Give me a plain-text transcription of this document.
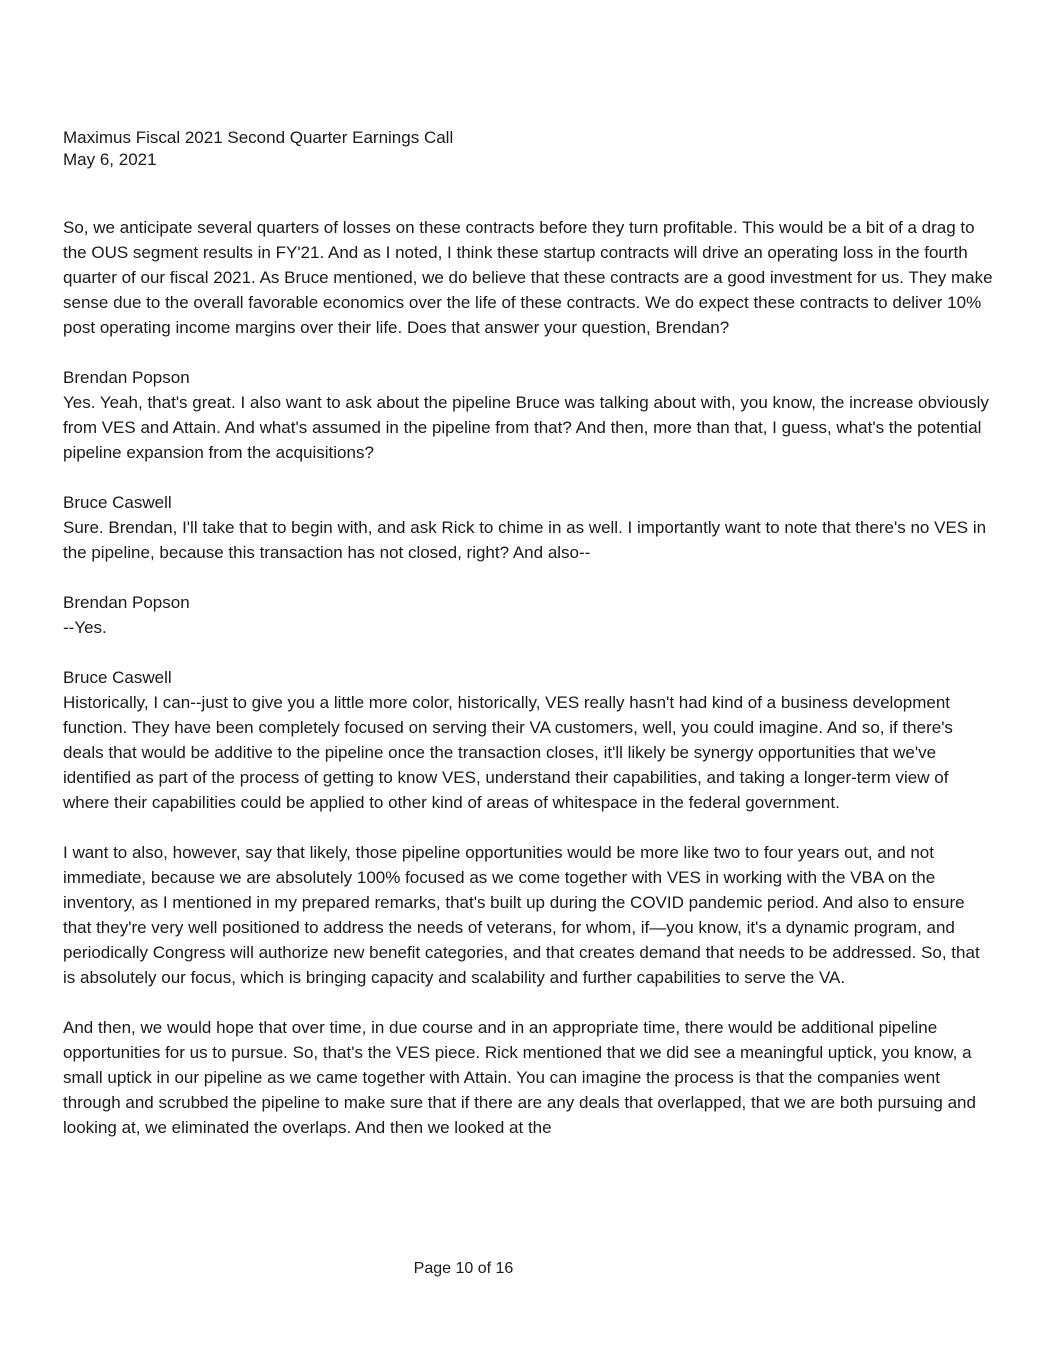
Maximus Fiscal 2021 Second Quarter Earnings Call
May 6, 2021
So, we anticipate several quarters of losses on these contracts before they turn profitable. This would be a bit of a drag to the OUS segment results in FY'21. And as I noted, I think these startup contracts will drive an operating loss in the fourth quarter of our fiscal 2021. As Bruce mentioned, we do believe that these contracts are a good investment for us. They make sense due to the overall favorable economics over the life of these contracts. We do expect these contracts to deliver 10% post operating income margins over their life. Does that answer your question, Brendan?
Brendan Popson
Yes. Yeah, that's great. I also want to ask about the pipeline Bruce was talking about with, you know, the increase obviously from VES and Attain. And what's assumed in the pipeline from that? And then, more than that, I guess, what's the potential pipeline expansion from the acquisitions?
Bruce Caswell
Sure. Brendan, I'll take that to begin with, and ask Rick to chime in as well. I importantly want to note that there's no VES in the pipeline, because this transaction has not closed, right? And also--
Brendan Popson
--Yes.
Bruce Caswell
Historically, I can--just to give you a little more color, historically, VES really hasn't had kind of a business development function. They have been completely focused on serving their VA customers, well, you could imagine. And so, if there's deals that would be additive to the pipeline once the transaction closes, it'll likely be synergy opportunities that we've identified as part of the process of getting to know VES, understand their capabilities, and taking a longer-term view of where their capabilities could be applied to other kind of areas of whitespace in the federal government.
I want to also, however, say that likely, those pipeline opportunities would be more like two to four years out, and not immediate, because we are absolutely 100% focused as we come together with VES in working with the VBA on the inventory, as I mentioned in my prepared remarks, that's built up during the COVID pandemic period. And also to ensure that they're very well positioned to address the needs of veterans, for whom, if—you know, it's a dynamic program, and periodically Congress will authorize new benefit categories, and that creates demand that needs to be addressed. So, that is absolutely our focus, which is bringing capacity and scalability and further capabilities to serve the VA.
And then, we would hope that over time, in due course and in an appropriate time, there would be additional pipeline opportunities for us to pursue. So, that's the VES piece. Rick mentioned that we did see a meaningful uptick, you know, a small uptick in our pipeline as we came together with Attain. You can imagine the process is that the companies went through and scrubbed the pipeline to make sure that if there are any deals that overlapped, that we are both pursuing and looking at, we eliminated the overlaps. And then we looked at the
Page 10 of 16
